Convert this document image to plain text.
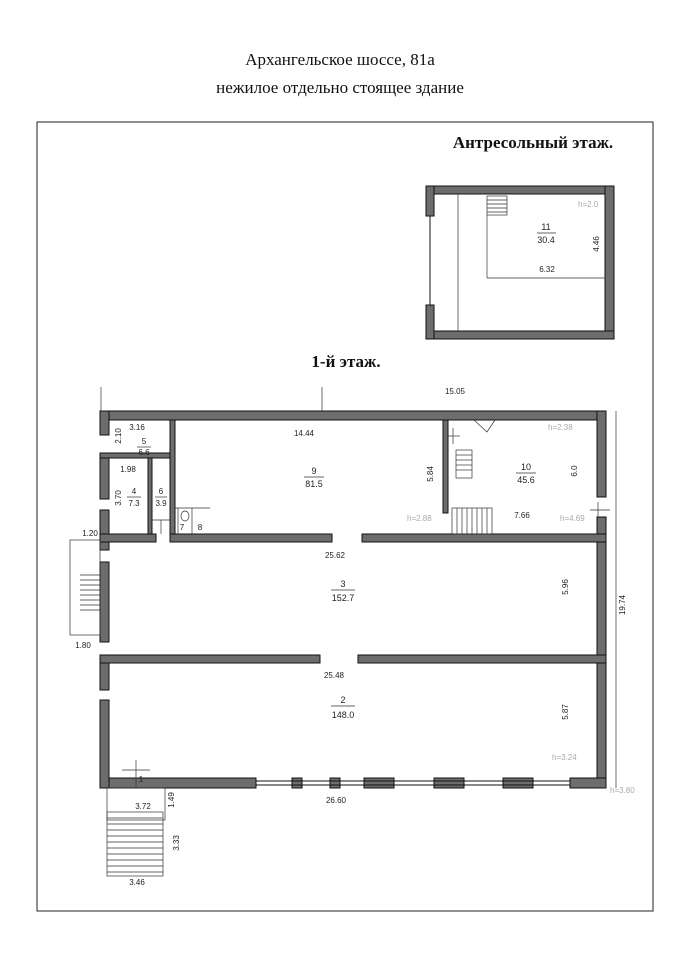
Архангельское шоссе, 81а
нежилое отдельно стоящее здание
Антресольный этаж.
11
30.4
h=2.0
4.46
6.32
1-й этаж.
15.05
5
6.6
4
7.3
6
3.9
7 8
9
81.5
10
45.6
3
152.7
2
148.0
1
3.16
2.10	14.44
1.98
3.70
5.84	6.0
7.66
1.20
25.62
5.96
19.74
1.80
25.48
5.87
3.72 1.49	26.60
3.33
3.46
h=2.38
h=2.88	h=4.69
h=3.24
h=3.80
